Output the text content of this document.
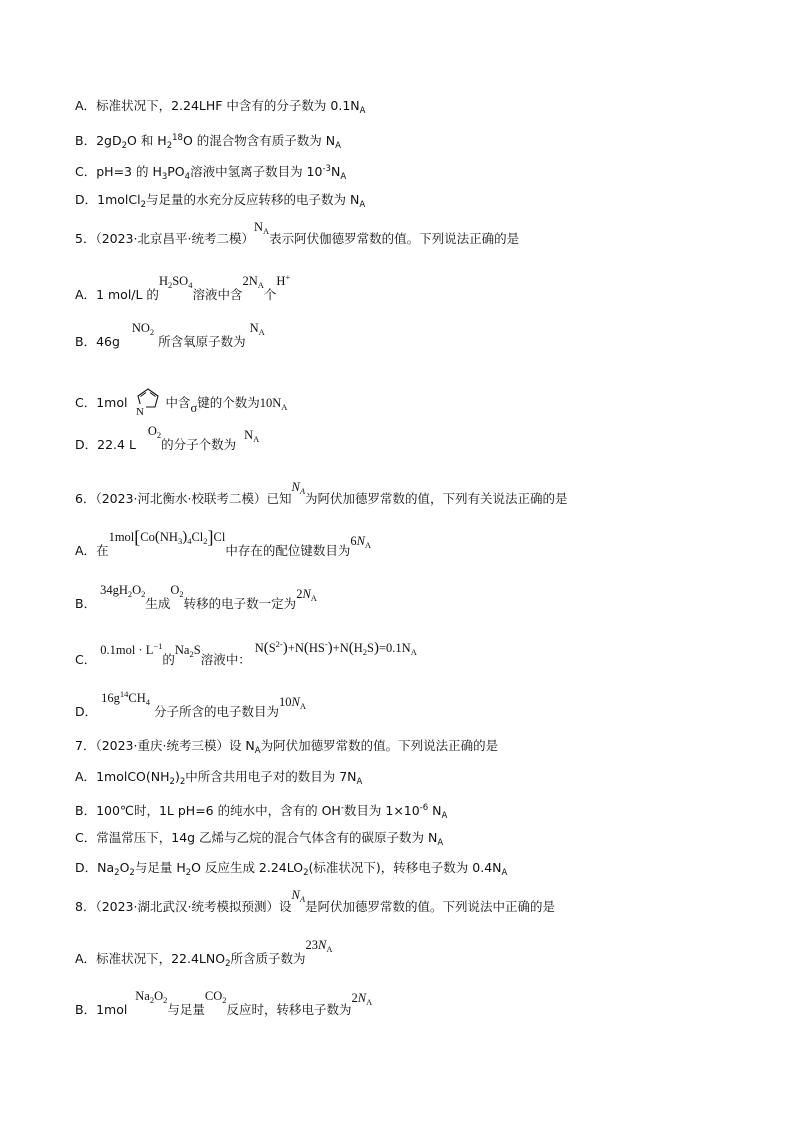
A．标准状况下，2.24LHF 中含有的分子数为 $0.1N_A$
B．$2gD_2O$ 和 $H_2^{18}O$ 的混合物含有质子数为 $N_A$
C．pH=3 的 $H_3PO_4$溶液中氢离子数目为 $10^{-3}N_A$
D．1molCl$_2$与足量的水充分反应转移的电子数为 $N_A$
5．（2023·北京昌平·统考二模）$N_A$表示阿伏伽德罗常数的值。下列说法正确的是
A．1 mol/L 的$H_2SO_4$溶液中含$2N_A$个H+
B．46g   $NO_2$ 所含氧原子数为 $N_A$
C．1mol
N
中含σ键的个数为$10N_A$
D．22.4 L   $O_2$的分子个数为  $N_A$
6．（2023·河北衡水·校联考二模）已知$N_A$为阿伏加德罗常数的值，下列有关说法正确的是
A．在$1mol[Co(NH_3)_4Cl_2]Cl$中存在的配位键数目为$6N_A$
B． $34gH_2O_2$生成$O_2$转移的电子数一定为$2N_A$
C． $0.1mol \cdot L^{-1}$的$Na_2S$溶液中： $N(S^{2-})+N(HS^-)+N(H_2S)=0.1N_A$
D． $16g^{14}CH_4$ 分子所含的电子数目为$10N_A$
7．（2023·重庆·统考三模）设 $N_A$为阿伏加德罗常数的值。下列说法正确的是
A．$1molCO(NH_2)_2$中所含共用电子对的数目为 $7N_A$
B．100℃时，1L pH=6 的纯水中，含有的 OH-数目为 $1\times 10^{-6}$ $N_A$
C．常温常压下，14g 乙烯与乙烷的混合气体含有的碳原子数为 $N_A$
D．$Na_2O_2$与足量 $H_2O$ 反应生成 $2.24LO_2$(标准状况下)，转移电子数为 $0.4N_A$
8．（2023·湖北武汉·统考模拟预测）设$N_A$是阿伏加德罗常数的值。下列说法中正确的是
A．标准状况下，$22.4LNO_2$所含质子数为$23N_A$
B．1mol  $Na_2O_2$与足量$CO_2$反应时，转移电子数为$2N_A$
